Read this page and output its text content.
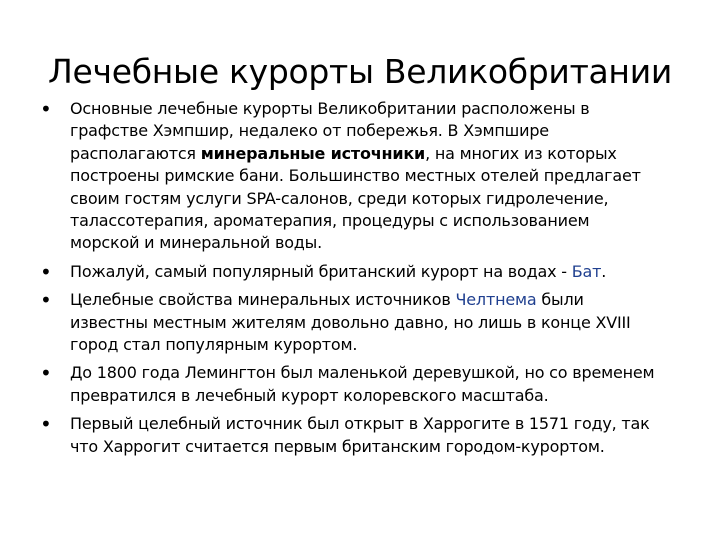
Лечебные курорты Великобритании
•	Основные лечебные курорты Великобритании расположены в графстве Хэмпшир, недалеко от побережья. В Хэмпшире располагаются минеральные источники, на многих из которых построены римские бани. Большинство местных отелей предлагает своим гостям услуги SPA-салонов, среди которых гидролечение, талассотерапия, ароматерапия, процедуры с использованием морской и минеральной воды.
•	Пожалуй, самый популярный британский курорт на водах - Бат.
•	Целебные свойства минеральных источников Челтнема были известны местным жителям довольно давно, но лишь в конце XVIII город стал популярным курортом.
•	До 1800 года Лемингтон был маленькой деревушкой, но со временем превратился в лечебный курорт колоревского масштаба.
•	Первый целебный источник был открыт в Харрогите в 1571 году, так что Харрогит считается первым британским городом-курортом.
